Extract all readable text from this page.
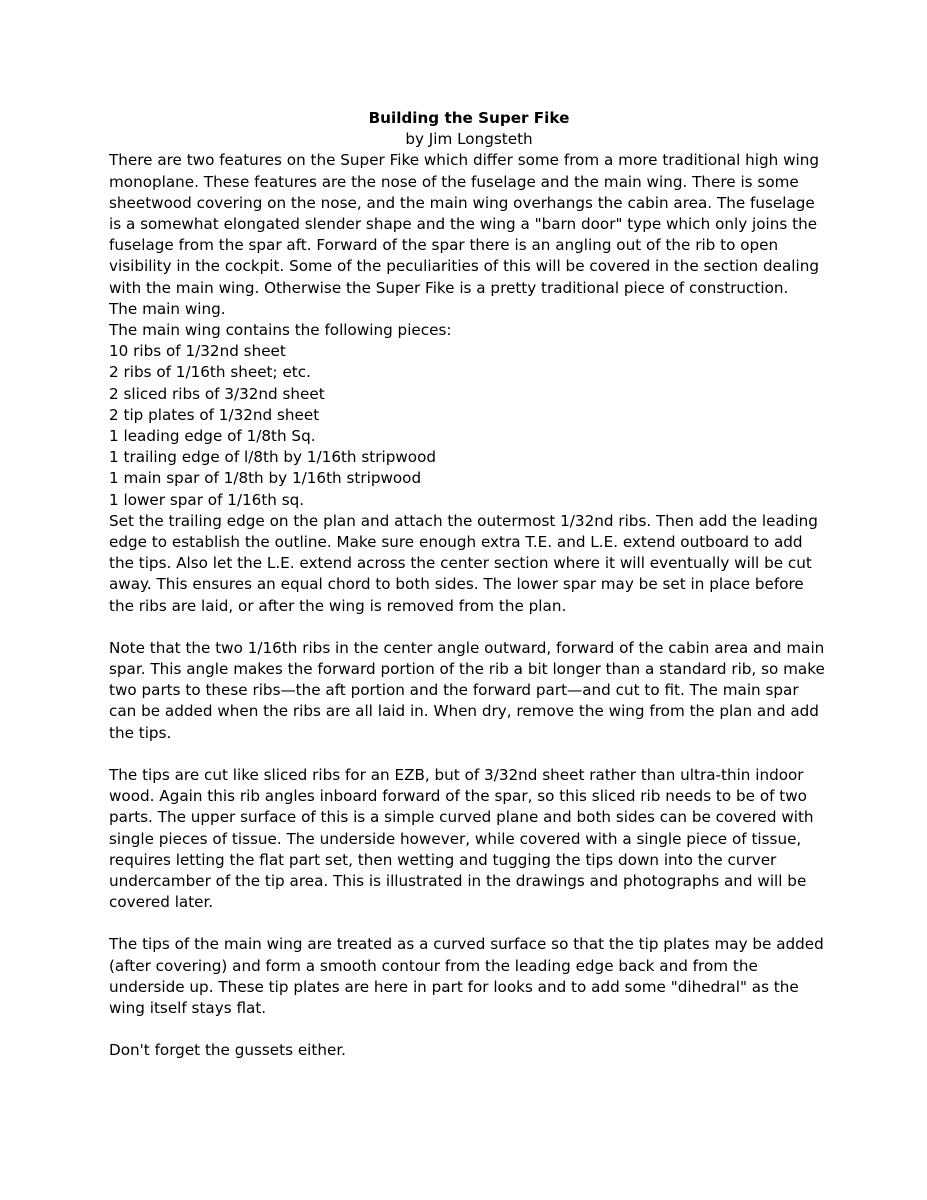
Building the Super Fike

by Jim Longsteth

There are two features on the Super Fike which differ some from a more traditional high wing monoplane. These features are the nose of the fuselage and the main wing. There is some sheetwood covering on the nose, and the main wing overhangs the cabin area. The fuselage is a somewhat elongated slender shape and the wing a "barn door" type which only joins the fuselage from the spar aft. Forward of the spar there is an angling out of the rib to open visibility in the cockpit. Some of the peculiarities of this will be covered in the section dealing with the main wing. Otherwise the Super Fike is a pretty traditional piece of construction.

The main wing.

The main wing contains the following pieces:

10 ribs of 1/32nd sheet

2 ribs of 1/16th sheet; etc.

2 sliced ribs of 3/32nd sheet

2 tip plates of 1/32nd sheet

1 leading edge of 1/8th Sq.

1 trailing edge of l/8th by 1/16th stripwood

1 main spar of 1/8th by 1/16th stripwood

1 lower spar of 1/16th sq.

Set the trailing edge on the plan and attach the outermost 1/32nd ribs. Then add the leading edge to establish the outline. Make sure enough extra T.E. and L.E. extend outboard to add the tips. Also let the L.E. extend across the center section where it will eventually will be cut away. This ensures an equal chord to both sides. The lower spar may be set in place before the ribs are laid, or after the wing is removed from the plan.

Note that the two 1/16th ribs in the center angle outward, forward of the cabin area and main spar. This angle makes the forward portion of the rib a bit longer than a standard rib, so make two parts to these ribs—the aft portion and the forward part—and cut to fit. The main spar can be added when the ribs are all laid in. When dry, remove the wing from the plan and add the tips.

The tips are cut like sliced ribs for an EZB, but of 3/32nd sheet rather than ultra-thin indoor wood. Again this rib angles inboard forward of the spar, so this sliced rib needs to be of two parts. The upper surface of this is a simple curved plane and both sides can be covered with single pieces of tissue. The underside however, while covered with a single piece of tissue, requires letting the flat part set, then wetting and tugging the tips down into the curver undercamber of the tip area. This is illustrated in the drawings and photographs and will be covered later.

The tips of the main wing are treated as a curved surface so that the tip plates may be added (after covering) and form a smooth contour from the leading edge back and from the underside up. These tip plates are here in part for looks and to add some "dihedral" as the wing itself stays flat.

Don't forget the gussets either.
